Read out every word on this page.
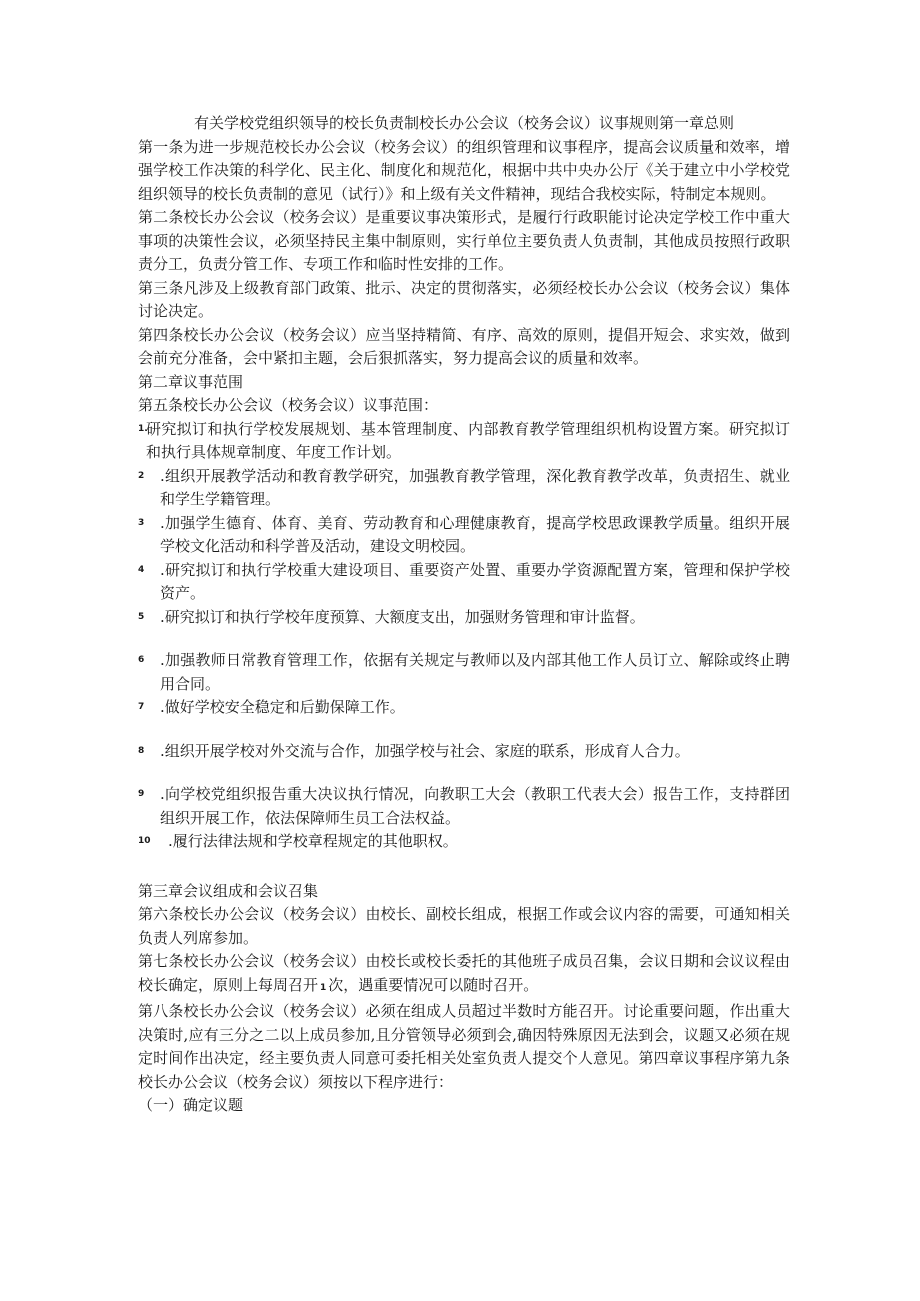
有关学校党组织领导的校长负责制校长办公会议（校务会议）议事规则第一章总则

第一条为进一步规范校长办公会议（校务会议）的组织管理和议事程序，提高会议质量和效率，增强学校工作决策的科学化、民主化、制度化和规范化，根据中共中央办公厅《关于建立中小学校党组织领导的校长负责制的意见（试行）》和上级有关文件精神，现结合我校实际，特制定本规则。

第二条校长办公会议（校务会议）是重要议事决策形式，是履行行政职能讨论决定学校工作中重大事项的决策性会议，必须坚持民主集中制原则，实行单位主要负责人负责制，其他成员按照行政职责分工，负责分管工作、专项工作和临时性安排的工作。

第三条凡涉及上级教育部门政策、批示、决定的贯彻落实，必须经校长办公会议（校务会议）集体讨论决定。

第四条校长办公会议（校务会议）应当坚持精简、有序、高效的原则，提倡开短会、求实效，做到会前充分准备，会中紧扣主题，会后狠抓落实，努力提高会议的质量和效率。

第二章议事范围

第五条校长办公会议（校务会议）议事范围：

1.

研究拟订和执行学校发展规划、基本管理制度、内部教育教学管理组织机构设置方案。研究拟订和执行具体规章制度、年度工作计划。

2	.组织开展教学活动和教育教学研究，加强教育教学管理，深化教育教学改革，负责招生、就业和学生学籍管理。

3	.加强学生德育、体育、美育、劳动教育和心理健康教育，提高学校思政课教学质量。组织开展学校文化活动和科学普及活动，建设文明校园。

4	.研究拟订和执行学校重大建设项目、重要资产处置、重要办学资源配置方案，管理和保护学校资产。

5	.研究拟订和执行学校年度预算、大额度支出，加强财务管理和审计监督。

6	.加强教师日常教育管理工作，依据有关规定与教师以及内部其他工作人员订立、解除或终止聘用合同。

7	.做好学校安全稳定和后勤保障工作。

8	.组织开展学校对外交流与合作，加强学校与社会、家庭的联系，形成育人合力。

9	.向学校党组织报告重大决议执行情况，向教职工大会（教职工代表大会）报告工作，支持群团组织开展工作，依法保障师生员工合法权益。

10	.履行法律法规和学校章程规定的其他职权。

第三章会议组成和会议召集

第六条校长办公会议（校务会议）由校长、副校长组成，根据工作或会议内容的需要，可通知相关负责人列席参加。

第七条校长办公会议（校务会议）由校长或校长委托的其他班子成员召集，会议日期和会议议程由校长确定，原则上每周召开 1 次，遇重要情况可以随时召开。

第八条校长办公会议（校务会议）必须在组成人员超过半数时方能召开。讨论重要问题，作出重大决策时,应有三分之二以上成员参加,且分管领导必须到会,确因特殊原因无法到会，议题又必须在规定时间作出决定，经主要负责人同意可委托相关处室负责人提交个人意见。第四章议事程序第九条校长办公会议（校务会议）须按以下程序进行：

（一）确定议题
